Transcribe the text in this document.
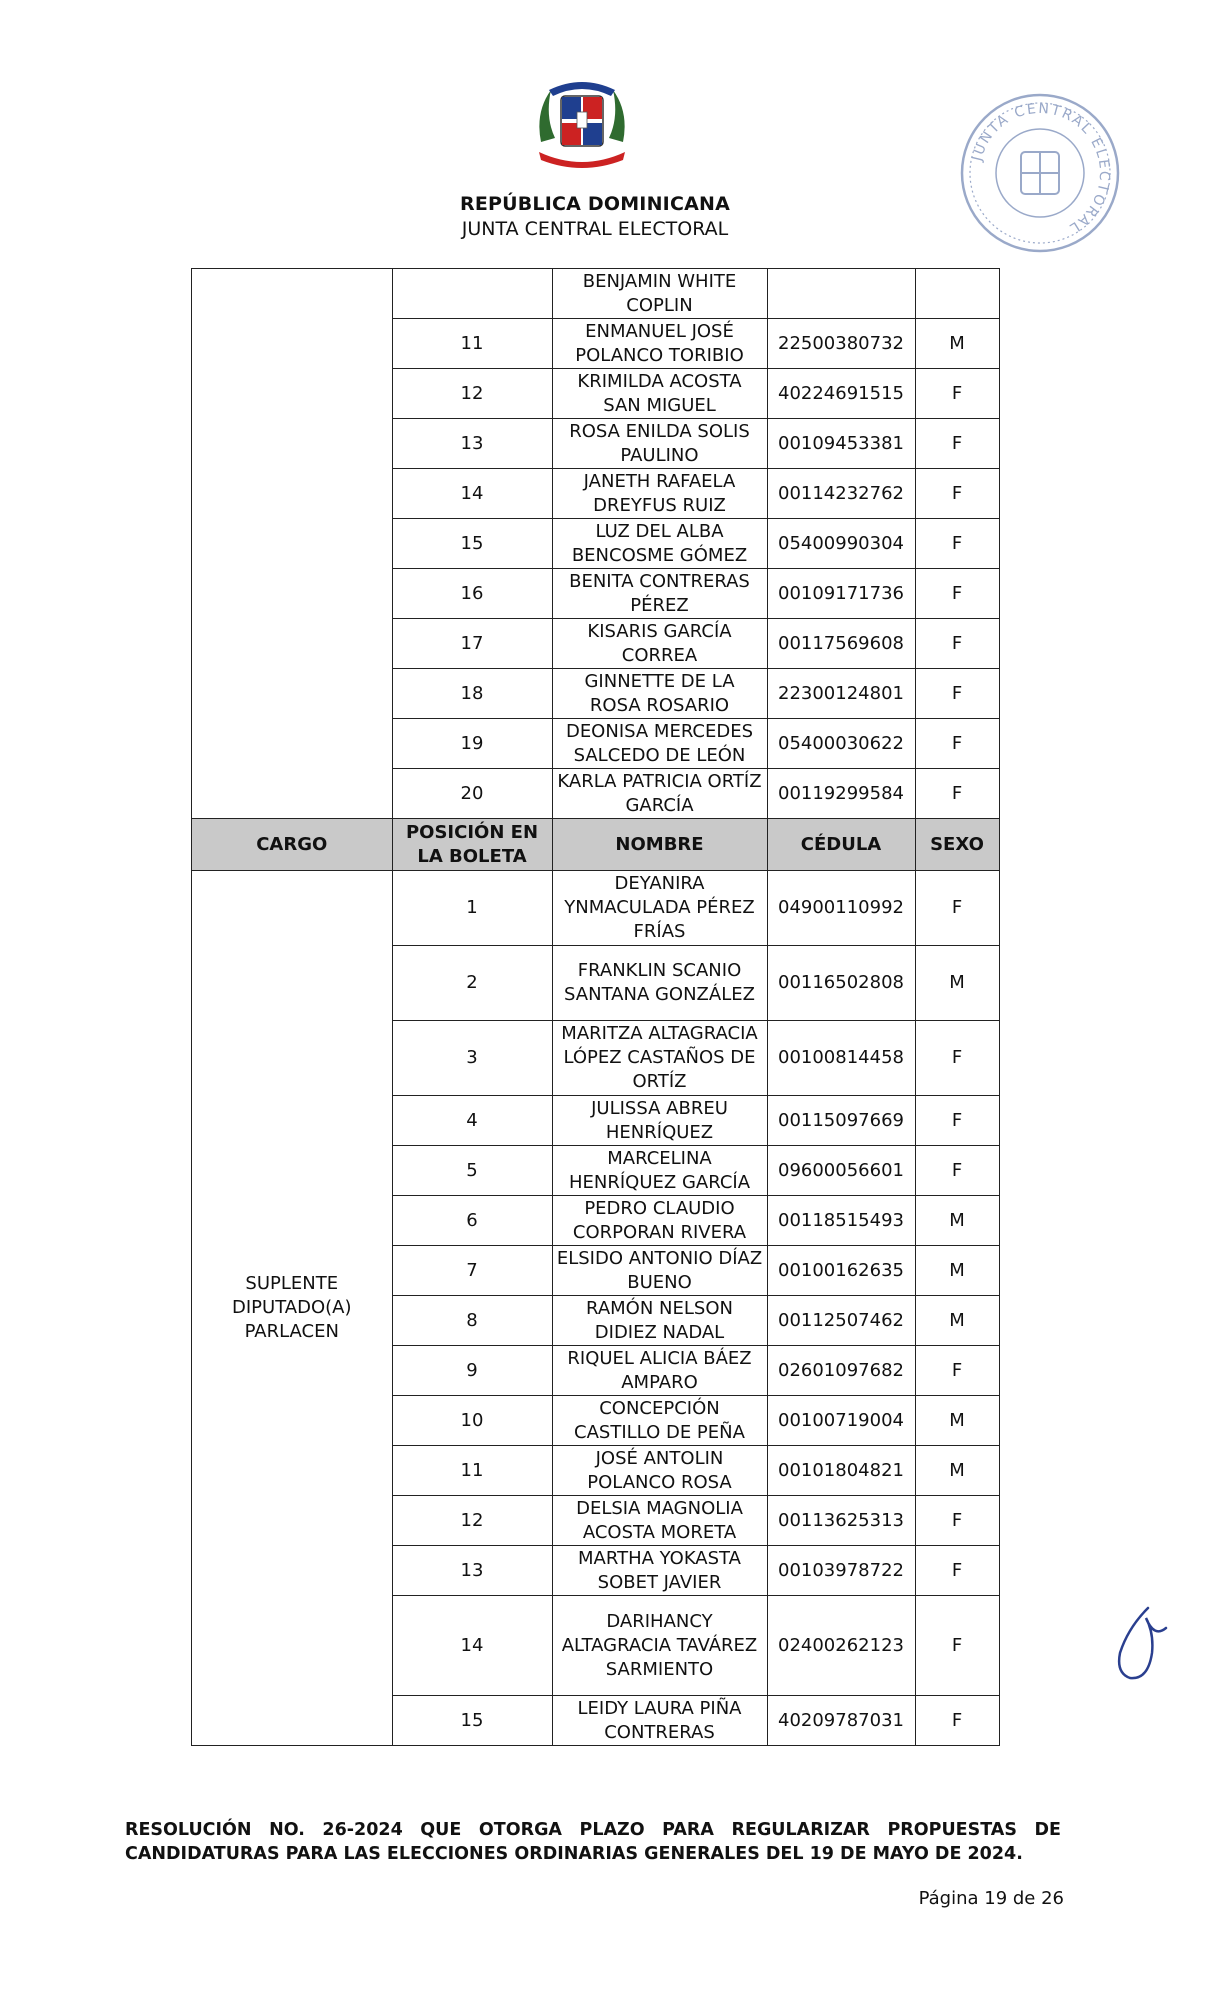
JUNTA CENTRAL ELECTORAL
REPÚBLICA DOMINICANA
JUNTA CENTRAL ELECTORAL
		BENJAMIN WHITE COPLIN		
	11	ENMANUEL JOSÉ POLANCO TORIBIO	22500380732	M
	12	KRIMILDA ACOSTA SAN MIGUEL	40224691515	F
	13	ROSA ENILDA SOLIS PAULINO	00109453381	F
	14	JANETH RAFAELA DREYFUS RUIZ	00114232762	F
	15	LUZ DEL ALBA BENCOSME GÓMEZ	05400990304	F
	16	BENITA CONTRERAS PÉREZ	00109171736	F
	17	KISARIS GARCÍA CORREA	00117569608	F
	18	GINNETTE DE LA ROSA ROSARIO	22300124801	F
	19	DEONISA MERCEDES SALCEDO DE LEÓN	05400030622	F
	20	KARLA PATRICIA ORTÍZ GARCÍA	00119299584	F
CARGO	POSICIÓN EN LA BOLETA	NOMBRE	CÉDULA	SEXO
SUPLENTE DIPUTADO(A) PARLACEN	1	DEYANIRA YNMACULADA PÉREZ FRÍAS	04900110992	F
	2	FRANKLIN SCANIO SANTANA GONZÁLEZ	00116502808	M
	3	MARITZA ALTAGRACIA LÓPEZ CASTAÑOS DE ORTÍZ	00100814458	F
	4	JULISSA ABREU HENRÍQUEZ	00115097669	F
	5	MARCELINA HENRÍQUEZ GARCÍA	09600056601	F
	6	PEDRO CLAUDIO CORPORAN RIVERA	00118515493	M
	7	ELSIDO ANTONIO DÍAZ BUENO	00100162635	M
	8	RAMÓN NELSON DIDIEZ NADAL	00112507462	M
	9	RIQUEL ALICIA BÁEZ AMPARO	02601097682	F
	10	CONCEPCIÓN CASTILLO DE PEÑA	00100719004	M
	11	JOSÉ ANTOLIN POLANCO ROSA	00101804821	M
	12	DELSIA MAGNOLIA ACOSTA MORETA	00113625313	F
	13	MARTHA YOKASTA SOBET JAVIER	00103978722	F
	14	DARIHANCY ALTAGRACIA TAVÁREZ SARMIENTO	02400262123	F
	15	LEIDY LAURA PIÑA CONTRERAS	40209787031	F
RESOLUCIÓN NO. 26-2024 QUE OTORGA PLAZO PARA REGULARIZAR PROPUESTAS DE CANDIDATURAS PARA LAS ELECCIONES ORDINARIAS GENERALES DEL 19 DE MAYO DE 2024.
Página 19 de 26
